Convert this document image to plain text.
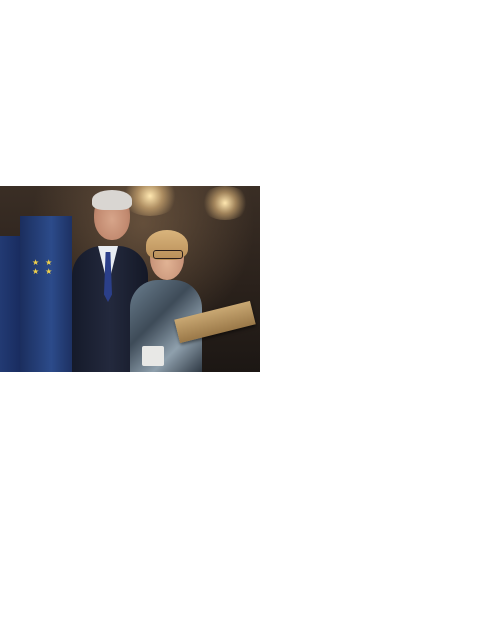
★ ★
★ ★
